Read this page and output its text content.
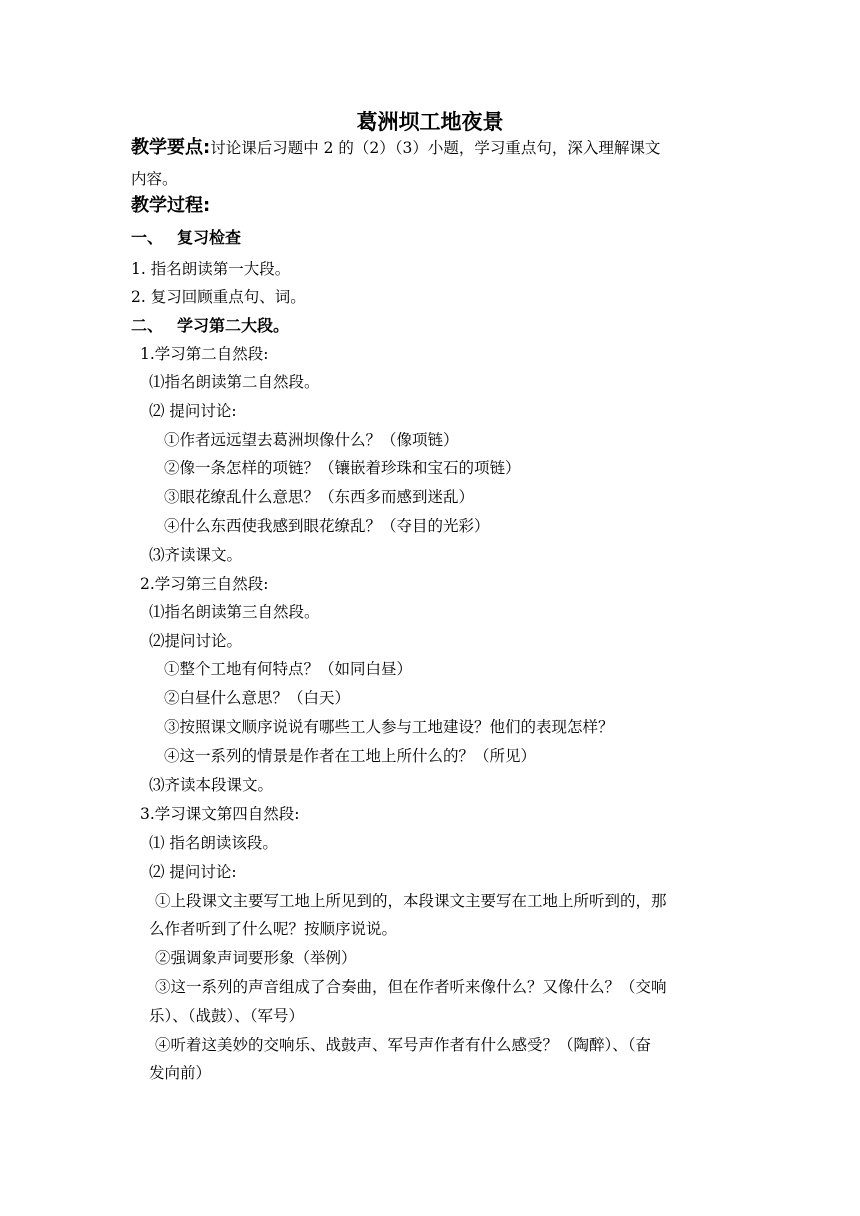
葛洲坝工地夜景
教学要点:讨论课后习题中 2 的（2）（3）小题，学习重点句，深入理解课文
内容。
教学过程:
一、 复习检查
1. 指名朗读第一大段。
2. 复习回顾重点句、词。
二、 学习第二大段。
1.学习第二自然段:
⑴指名朗读第二自然段。
⑵ 提问讨论:
①作者远远望去葛洲坝像什么？（像项链）
②像一条怎样的项链？（镶嵌着珍珠和宝石的项链）
③眼花缭乱什么意思？（东西多而感到迷乱）
④什么东西使我感到眼花缭乱？（夺目的光彩）
⑶齐读课文。
2.学习第三自然段:
⑴指名朗读第三自然段。
⑵提问讨论。
①整个工地有何特点？（如同白昼）
②白昼什么意思？（白天）
③按照课文顺序说说有哪些工人参与工地建设？他们的表现怎样？
④这一系列的情景是作者在工地上所什么的？（所见）
⑶齐读本段课文。
3.学习课文第四自然段:
⑴ 指名朗读该段。
⑵ 提问讨论:
①上段课文主要写工地上所见到的，本段课文主要写在工地上所听到的，那
么作者听到了什么呢？按顺序说说。
②强调象声词要形象（举例）
③这一系列的声音组成了合奏曲，但在作者听来像什么？又像什么？（交响
乐）、（战鼓）、（军号）
④听着这美妙的交响乐、战鼓声、军号声作者有什么感受？（陶醉）、（奋
发向前）
